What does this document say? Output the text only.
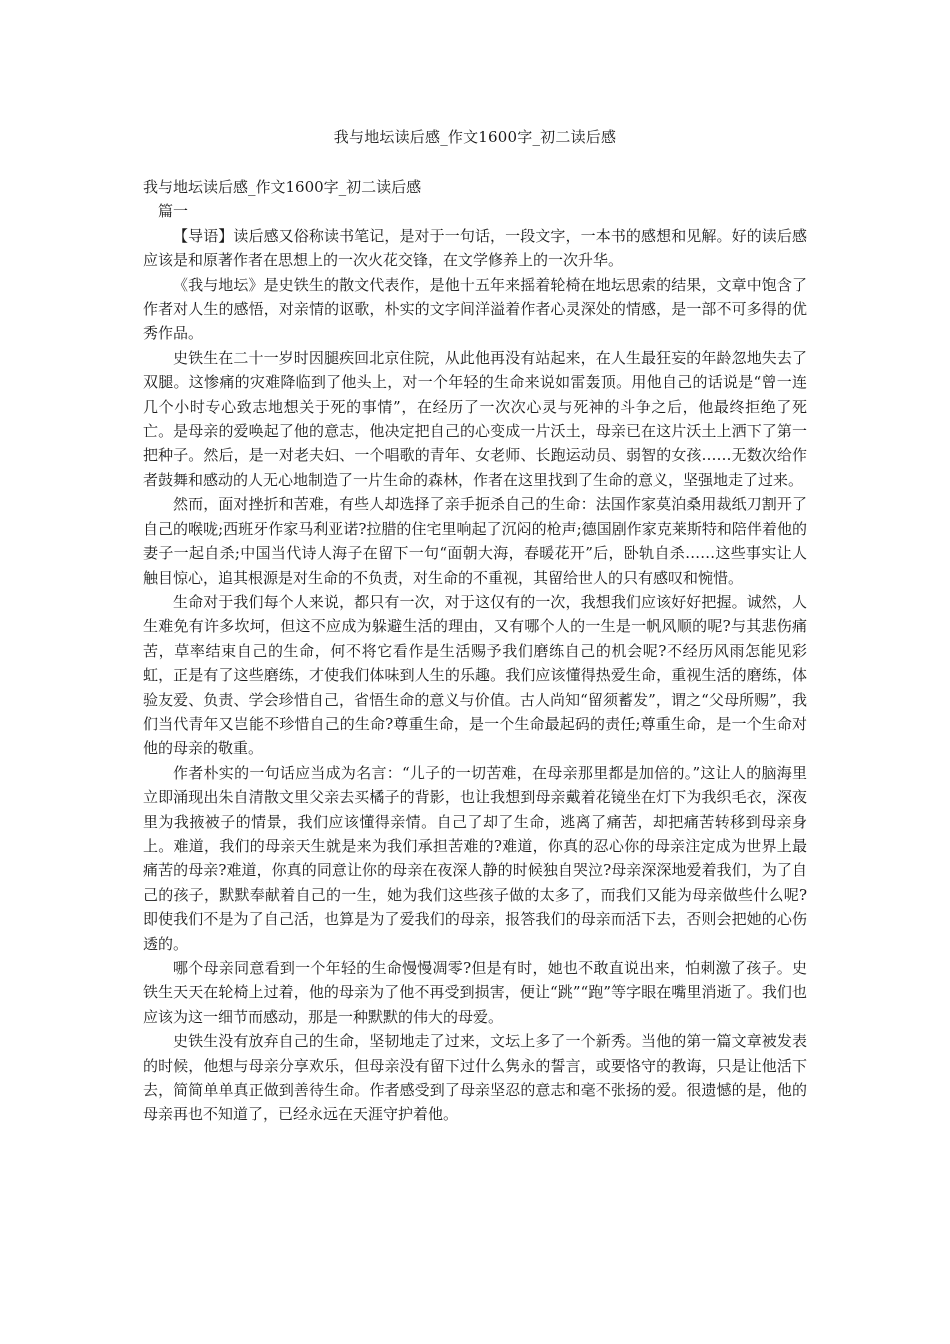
我与地坛读后感_作文1600字_初二读后感

我与地坛读后感_作文1600字_初二读后感

篇一

【导语】读后感又俗称读书笔记，是对于一句话，一段文字，一本书的感想和见解。好的读后感应该是和原著作者在思想上的一次火花交锋，在文学修养上的一次升华。

《我与地坛》是史铁生的散文代表作，是他十五年来摇着轮椅在地坛思索的结果，文章中饱含了作者对人生的感悟，对亲情的讴歌，朴实的文字间洋溢着作者心灵深处的情感，是一部不可多得的优秀作品。

史铁生在二十一岁时因腿疾回北京住院，从此他再没有站起来，在人生最狂妄的年龄忽地失去了双腿。这惨痛的灾难降临到了他头上，对一个年轻的生命来说如雷轰顶。用他自己的话说是“曾一连几个小时专心致志地想关于死的事情”，在经历了一次次心灵与死神的斗争之后，他最终拒绝了死亡。是母亲的爱唤起了他的意志，他决定把自己的心变成一片沃土，母亲已在这片沃土上洒下了第一把种子。然后，是一对老夫妇、一个唱歌的青年、女老师、长跑运动员、弱智的女孩……无数次给作者鼓舞和感动的人无心地制造了一片生命的森林，作者在这里找到了生命的意义，坚强地走了过来。

然而，面对挫折和苦难，有些人却选择了亲手扼杀自己的生命：法国作家莫泊桑用裁纸刀割开了自己的喉咙;西班牙作家马利亚诺?拉腊的住宅里响起了沉闷的枪声;德国剧作家克莱斯特和陪伴着他的妻子一起自杀;中国当代诗人海子在留下一句“面朝大海，春暖花开”后，卧轨自杀……这些事实让人触目惊心，追其根源是对生命的不负责，对生命的不重视，其留给世人的只有感叹和惋惜。

生命对于我们每个人来说，都只有一次，对于这仅有的一次，我想我们应该好好把握。诚然，人生难免有许多坎坷，但这不应成为躲避生活的理由，又有哪个人的一生是一帆风顺的呢?与其悲伤痛苦，草率结束自己的生命，何不将它看作是生活赐予我们磨练自己的机会呢?不经历风雨怎能见彩虹，正是有了这些磨练，才使我们体味到人生的乐趣。我们应该懂得热爱生命，重视生活的磨练，体验友爱、负责、学会珍惜自己，省悟生命的意义与价值。古人尚知“留须蓄发”，谓之“父母所赐”，我们当代青年又岂能不珍惜自己的生命?尊重生命，是一个生命最起码的责任;尊重生命，是一个生命对他的母亲的敬重。

作者朴实的一句话应当成为名言：“儿子的一切苦难，在母亲那里都是加倍的。”这让人的脑海里立即涌现出朱自清散文里父亲去买橘子的背影，也让我想到母亲戴着花镜坐在灯下为我织毛衣，深夜里为我掖被子的情景，我们应该懂得亲情。自己了却了生命，逃离了痛苦，却把痛苦转移到母亲身上。难道，我们的母亲天生就是来为我们承担苦难的?难道，你真的忍心你的母亲注定成为世界上最痛苦的母亲?难道，你真的同意让你的母亲在夜深人静的时候独自哭泣?母亲深深地爱着我们，为了自己的孩子，默默奉献着自己的一生，她为我们这些孩子做的太多了，而我们又能为母亲做些什么呢?即使我们不是为了自己活，也算是为了爱我们的母亲，报答我们的母亲而活下去，否则会把她的心伤透的。

哪个母亲同意看到一个年轻的生命慢慢凋零?但是有时，她也不敢直说出来，怕刺激了孩子。史铁生天天在轮椅上过着，他的母亲为了他不再受到损害，便让“跳”“跑”等字眼在嘴里消逝了。我们也应该为这一细节而感动，那是一种默默的伟大的母爱。

史铁生没有放弃自己的生命，坚韧地走了过来，文坛上多了一个新秀。当他的第一篇文章被发表的时候，他想与母亲分享欢乐，但母亲没有留下过什么隽永的誓言，或要恪守的教诲，只是让他活下去，简简单单真正做到善待生命。作者感受到了母亲坚忍的意志和毫不张扬的爱。很遗憾的是，他的母亲再也不知道了，已经永远在天涯守护着他。
